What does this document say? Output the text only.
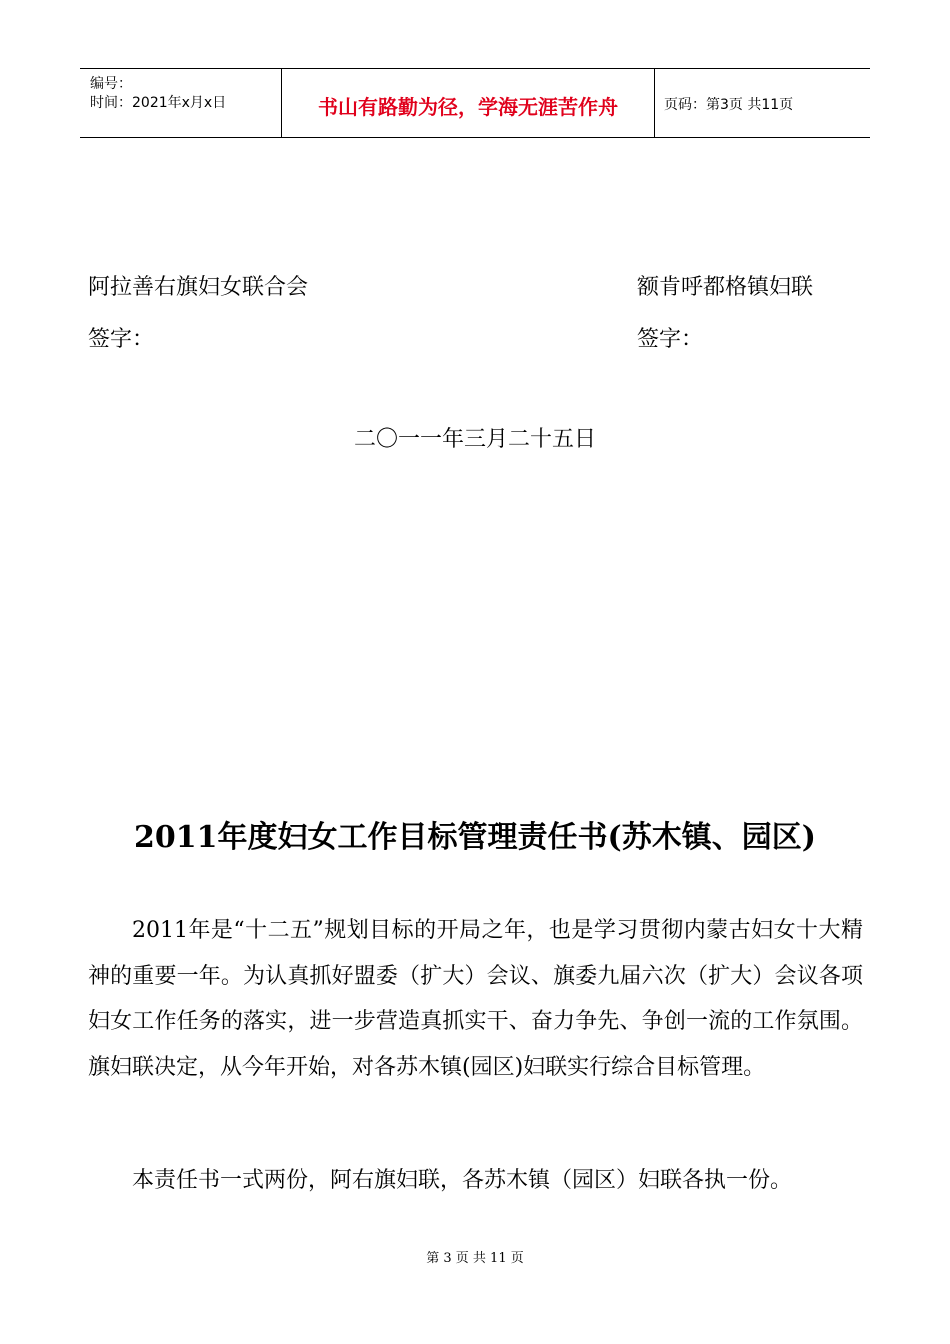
编号：
时间：2021年x月x日	书山有路勤为径，学海无涯苦作舟	页码：第3页 共11页
阿拉善右旗妇女联合会	额肯呼都格镇妇联
签字：	签字：
二〇一一年三月二十五日
2011年度妇女工作目标管理责任书(苏木镇、园区)

2011年是“十二五”规划目标的开局之年，也是学习贯彻内蒙古妇女十大精神的重要一年。为认真抓好盟委（扩大）会议、旗委九届六次（扩大）会议各项妇女工作任务的落实，进一步营造真抓实干、奋力争先、争创一流的工作氛围。旗妇联决定，从今年开始，对各苏木镇(园区)妇联实行综合目标管理。

本责任书一式两份，阿右旗妇联，各苏木镇（园区）妇联各执一份。

第 3 页 共 11 页
